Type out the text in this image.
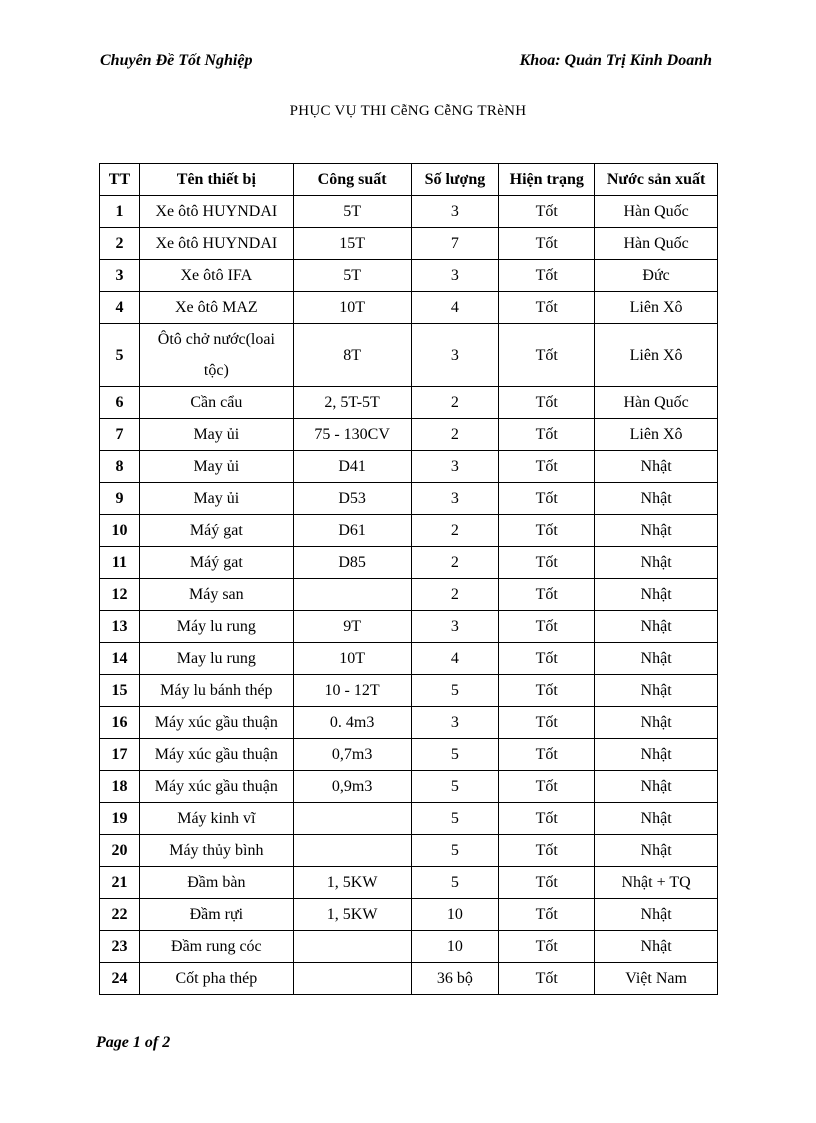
Chuyên Đề Tốt Nghiệp	Khoa: Quản Trị Kinh Doanh
PHỤC VỤ THI CễNG CễNG TRèNH
TT	Tên thiết bị	Công suất	Số lượng	Hiện trạng	Nước sản xuất
1	Xe ôtô HUYNDAI	5T	3	Tốt	Hàn Quốc
2	Xe ôtô HUYNDAI	15T	7	Tốt	Hàn Quốc
3	Xe ôtô IFA	5T	3	Tốt	Đức
4	Xe ôtô MAZ	10T	4	Tốt	Liên Xô
5	Ôtô chở nước(loai tộc)	8T	3	Tốt	Liên Xô
6	Cần cẩu	2, 5T-5T	2	Tốt	Hàn Quốc
7	May ủi	75 - 130CV	2	Tốt	Liên Xô
8	May ủi	D41	3	Tốt	Nhật
9	May ủi	D53	3	Tốt	Nhật
10	Máý gat	D61	2	Tốt	Nhật
11	Máý gat	D85	2	Tốt	Nhật
12	Máy san		2	Tốt	Nhật
13	Máy lu rung	9T	3	Tốt	Nhật
14	May lu rung	10T	4	Tốt	Nhật
15	Máy lu bánh thép	10 - 12T	5	Tốt	Nhật
16	Máy xúc gầu thuận	0. 4m3	3	Tốt	Nhật
17	Máy xúc gầu thuận	0,7m3	5	Tốt	Nhật
18	Máy xúc gầu thuận	0,9m3	5	Tốt	Nhật
19	Máy kinh vĩ		5	Tốt	Nhật
20	Máy thủy bình		5	Tốt	Nhật
21	Đầm bàn	1, 5KW	5	Tốt	Nhật + TQ
22	Đầm rựi	1, 5KW	10	Tốt	Nhật
23	Đầm rung cóc		10	Tốt	Nhật
24	Cốt pha thép		36 bộ	Tốt	Việt Nam
Page 1 of 2
